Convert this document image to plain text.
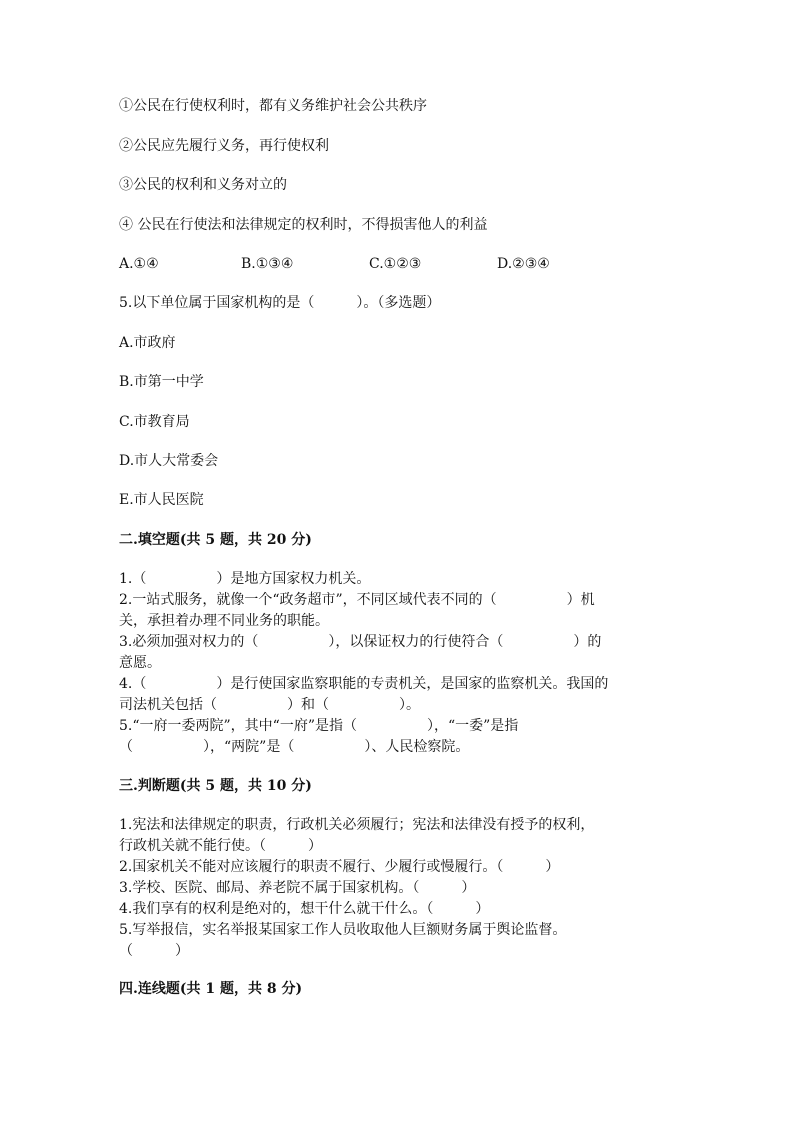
①公民在行使权利时，都有义务维护社会公共秩序
②公民应先履行义务，再行使权利
③公民的权利和义务对立的
④ 公民在行使法和法律规定的权利时，不得损害他人的利益
A.①④	B.①③④	C.①②③	D.②③④
5.以下单位属于国家机构的是（　　　）。（多选题）
A.市政府
B.市第一中学
C.市教育局
D.市人大常委会
E.市人民医院
二.填空题(共 5 题，共 20 分)
1.（　　　　　）是地方国家权力机关。
2.一站式服务，就像一个“政务超市”，不同区域代表不同的（　　　　　）机
关，承担着办理不同业务的职能。
3.必须加强对权力的（　　　　　），以保证权力的行使符合（　　　　　）的
意愿。
4.（　　　　　）是行使国家监察职能的专责机关，是国家的监察机关。我国的
司法机关包括（　　　　　）和（　　　　　）。
5.“一府一委两院”，其中“一府”是指（　　　　　），“一委”是指
（　　　　　），“两院”是（　　　　　）、人民检察院。
三.判断题(共 5 题，共 10 分)
1.宪法和法律规定的职责，行政机关必须履行；宪法和法律没有授予的权利，
行政机关就不能行使。（　　　）
2.国家机关不能对应该履行的职责不履行、少履行或慢履行。（　　　）
3.学校、医院、邮局、养老院不属于国家机构。（　　　）
4.我们享有的权利是绝对的，想干什么就干什么。（　　　）
5.写举报信，实名举报某国家工作人员收取他人巨额财务属于舆论监督。
（　　　）
四.连线题(共 1 题，共 8 分)
